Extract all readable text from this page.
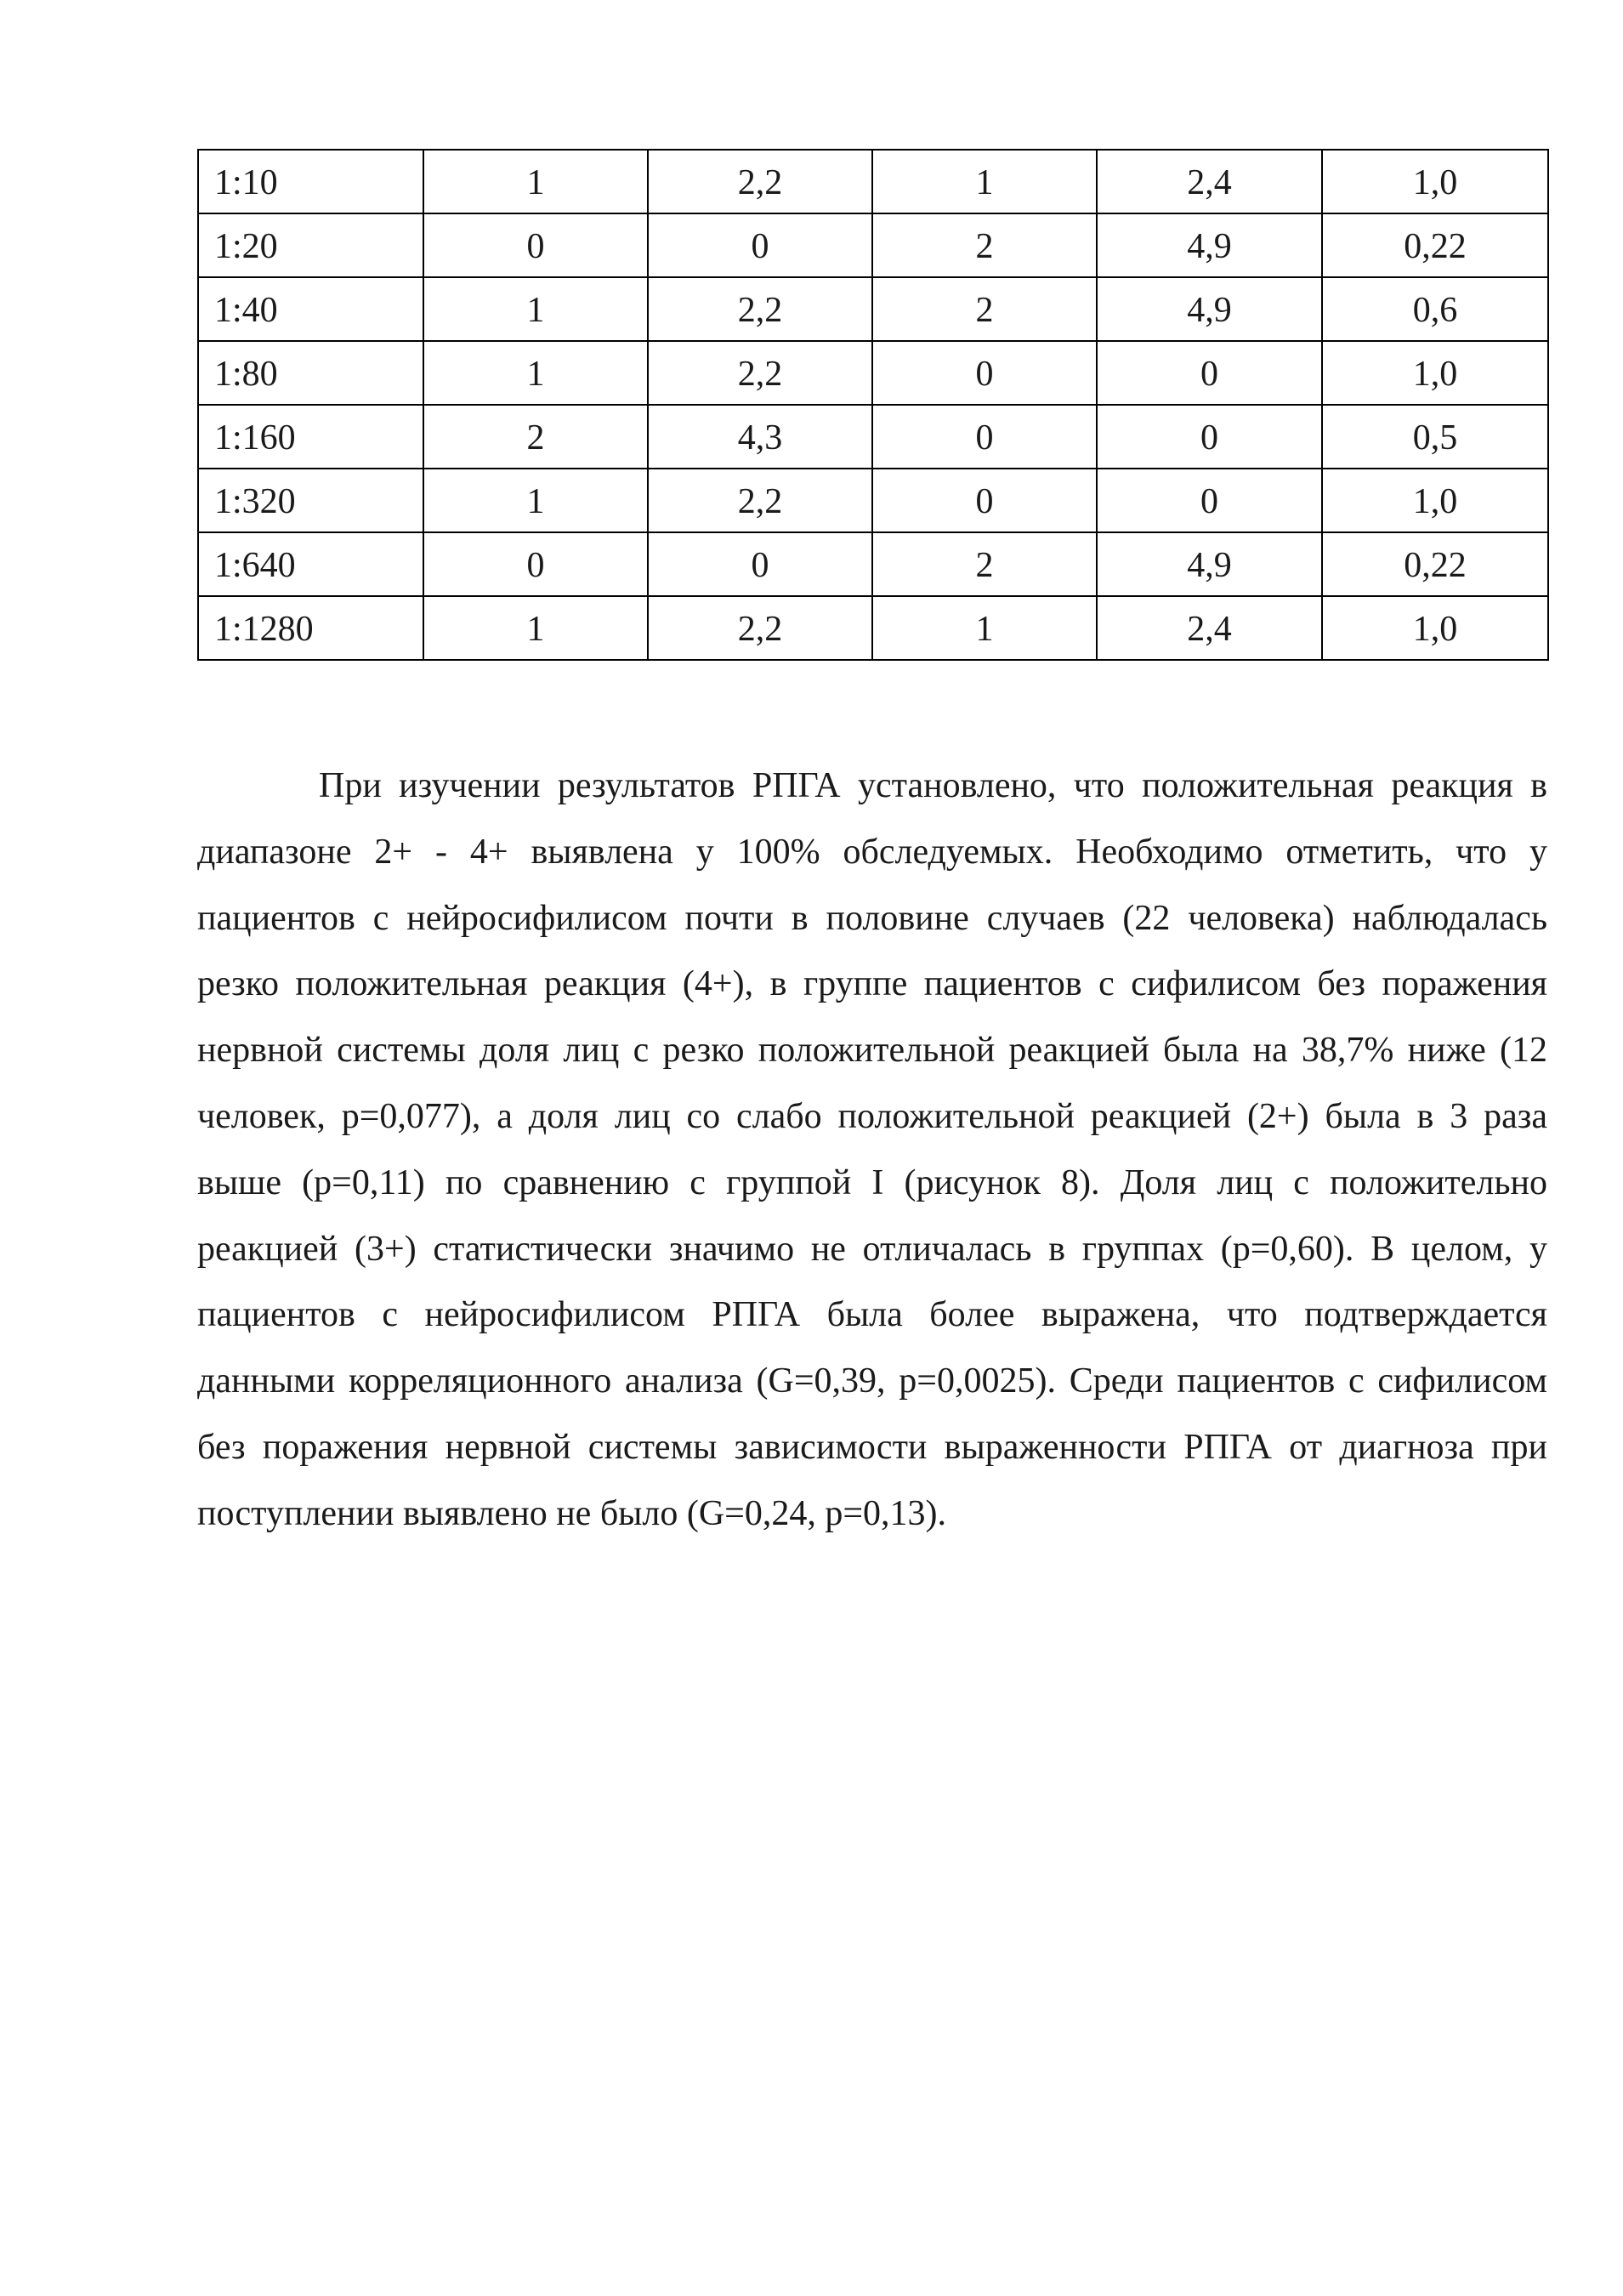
1:10	1	2,2	1	2,4	1,0
1:20	0	0	2	4,9	0,22
1:40	1	2,2	2	4,9	0,6
1:80	1	2,2	0	0	1,0
1:160	2	4,3	0	0	0,5
1:320	1	2,2	0	0	1,0
1:640	0	0	2	4,9	0,22
1:1280	1	2,2	1	2,4	1,0

При изучении результатов РПГА установлено, что положительная реакция в диапазоне 2+ - 4+ выявлена у 100% обследуемых. Необходимо отметить, что у пациентов с нейросифилисом почти в половине случаев (22 человека) наблюдалась резко положительная реакция (4+), в группе пациентов с сифилисом без поражения нервной системы доля лиц с резко положительной реакцией была на 38,7% ниже (12 человек, p=0,077), а доля лиц со слабо положительной реакцией (2+) была в 3 раза выше (p=0,11) по сравнению с группой I (рисунок 8). Доля лиц с положительно реакцией (3+) статистически значимо не отличалась в группах (p=0,60). В целом, у пациентов с нейросифилисом РПГА была более выражена, что подтверждается данными корреляционного анализа (G=0,39, p=0,0025). Среди пациентов с сифилисом без поражения нервной системы зависимости выраженности РПГА от диагноза при поступлении выявлено не было (G=0,24, p=0,13).
